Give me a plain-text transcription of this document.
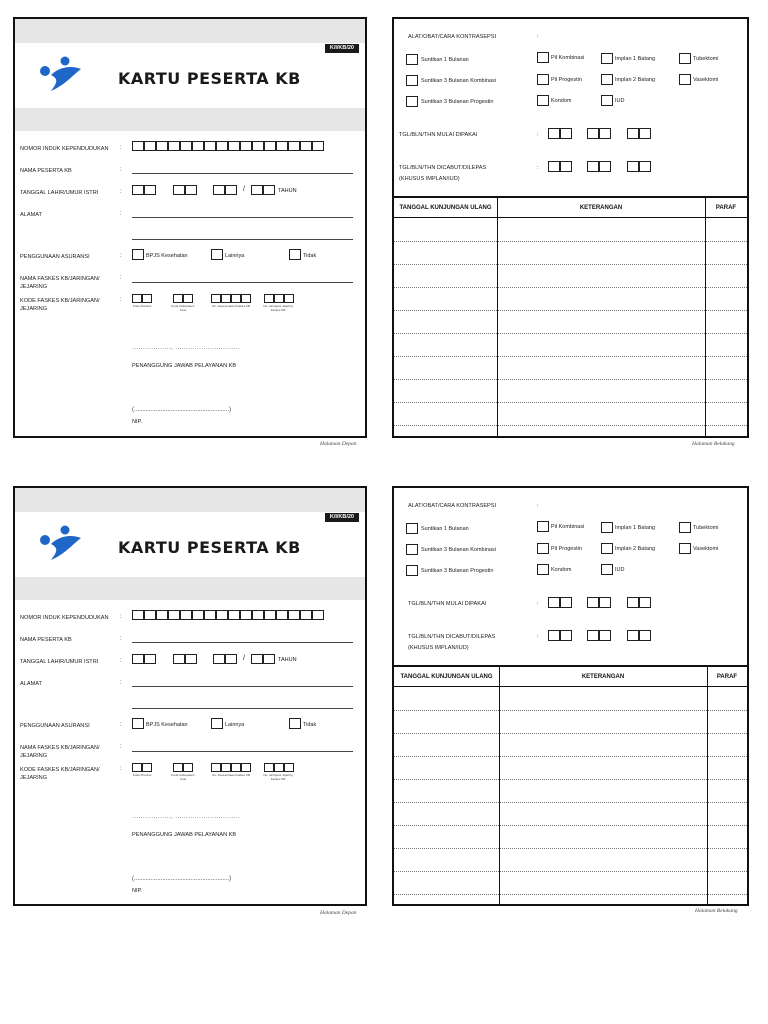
K/I/KB/20
KARTU PESERTA KB
NOMOR INDUK KEPENDUDUKAN :
NAMA PESERTA KB	:
TANGGAL LAHIR/UMUR ISTRI	:	/	TAHUN
ALAMAT	:
PENGGUNAAN ASURANSI	:	BPJS Kesehatan	Lainnya	Tidak
NAMA FASKES KB/JARINGAN/ JEJARING
:
KODE FASKES KB/JARINGAN/ JEJARING
:
Kode Provinsi	Kode Kabupaten/ Kota
No. Kepesertaan Faskes KB	No. Jaringan/ Jejaring Faskes KB
.................., ..............................
PENANGGUNG JAWAB PELAYANAN KB
(.........................................................)
NIP.
Halaman Depan
ALAT/OBAT/CARA KONTRASEPSI	:
Suntikan 1 Bulanan	Pil Kombinasi	Implan 1 Batang	Tubektomi
Suntikan 3 Bulanan Kombinasi	Pil Progestin	Implan 2 Batang	Vasektomi
Suntikan 3 Bulanan Progestin	Kondom	IUD
TGL/BLN/THN MULAI DIPAKAI	:
TGL/BLN/THN DICABUT/DILEPAS
(KHUSUS IMPLAN/IUD)
:
TANGGAL KUNJUNGAN ULANG	KETERANGAN	PARAF
Halaman Belakang
K/I/KB/20
KARTU PESERTA KB
NOMOR INDUK KEPENDUDUKAN :
NAMA PESERTA KB	:
TANGGAL LAHIR/UMUR ISTRI	:	/	TAHUN
ALAMAT	:
PENGGUNAAN ASURANSI	:	BPJS Kesehatan	Lainnya	Tidak
NAMA FASKES KB/JARINGAN/ JEJARING
:
KODE FASKES KB/JARINGAN/ JEJARING
:
Kode Provinsi	Kode Kabupaten/ Kota
No. Kepesertaan Faskes KB	No. Jaringan/ Jejaring Faskes KB
.................., ..............................
PENANGGUNG JAWAB PELAYANAN KB
(.........................................................)
NIP.
Halaman Depan
ALAT/OBAT/CARA KONTRASEPSI	:
Suntikan 1 Bulanan	Pil Kombinasi	Implan 1 Batang	Tubektomi
Suntikan 3 Bulanan Kombinasi	Pil Progestin	Implan 2 Batang	Vasektomi
Suntikan 3 Bulanan Progestin	Kondom	IUD
TGL/BLN/THN MULAI DIPAKAI	:
TGL/BLN/THN DICABUT/DILEPAS
(KHUSUS IMPLAN/IUD)
:
TANGGAL KUNJUNGAN ULANG	KETERANGAN	PARAF
Halaman Belakang
